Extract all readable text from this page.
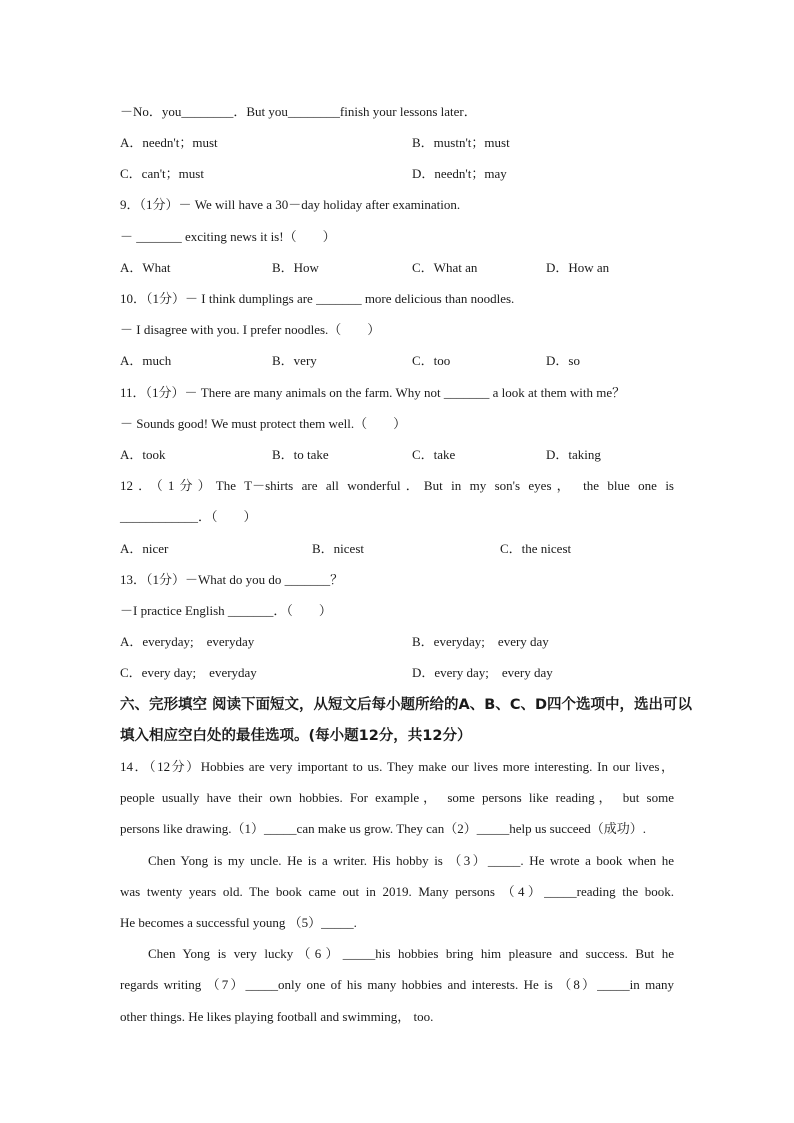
－No．you________．But you________finish your lessons later．
A．needn't；must	B．mustn't；must
C．can't；must	D．needn't；may
9．（1分）－ We will have a 30－day holiday after examination.
－ _______ exciting news it is!（　　）
A．What	B．How	C．What an	D．How an
10．（1分）－ I think dumplings are _______ more delicious than noodles.
－ I disagree with you. I prefer noodles.（　　）
A．much	B．very	C．too	D．so
11．（1分）－ There are many animals on the farm. Why not _______ a look at them with me？
－ Sounds good! We must protect them well.（　　）
A．took	B．to take	C．take	D．taking
12．（1分）The T－shirts are all wonderful．But in my son's eyes， the blue one is
____________．（　　）
A．nicer	B．nicest	C．the nicest
13．（1分）－What do you do _______？
－I practice English _______．（　　）
A．everyday;　everyday	B．everyday;　every day
C．every day;　everyday	D．every day;　every day
六、完形填空 阅读下面短文，从短文后每小题所给的A、B、C、D四个选项中，选出可以
填入相应空白处的最佳选项。(每小题12分，共12分）
14．（12分）Hobbies are very important to us. They make our lives more interesting. In our lives，
people usually have their own hobbies. For example， some persons like reading， but some
persons like drawing.（1）_____can make us grow. They can（2）_____help us succeed（成功）.
Chen Yong is my uncle. He is a writer. His hobby is （3）_____. He wrote a book when he
was twenty years old. The book came out in 2019. Many persons （4）_____reading the book.
He becomes a successful young （5）_____.
Chen Yong is very lucky（6）_____his hobbies bring him pleasure and success. But he
regards writing （7）_____only one of his many hobbies and interests. He is （8）_____in many
other things. He likes playing football and swimming， too.
